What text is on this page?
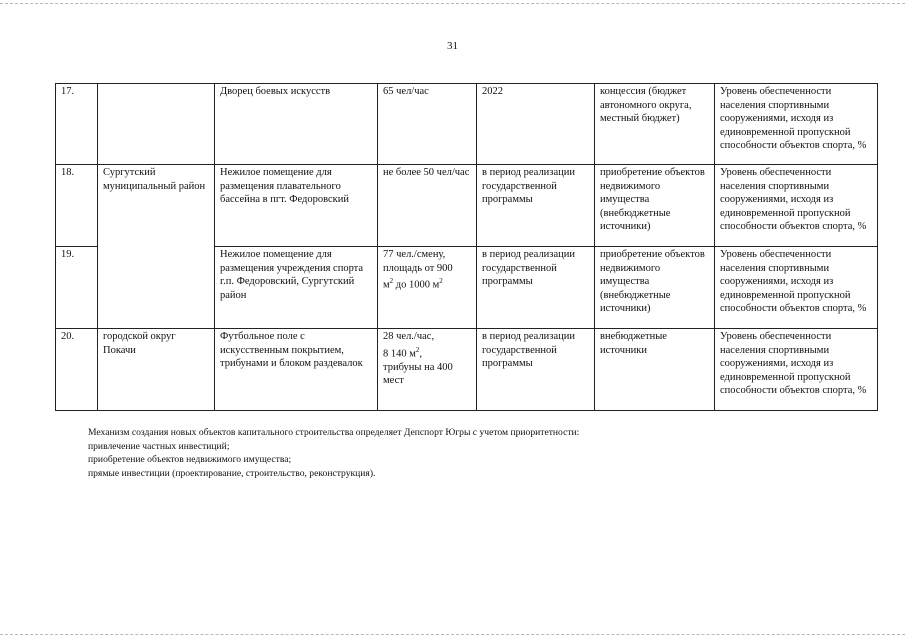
31
17.		Дворец боевых искусств	65 чел/час	2022	концессия (бюджет автономного округа, местный бюджет)	Уровень обеспеченности населения спортивными сооружениями, исходя из единовременной пропускной способности объектов спорта, %
18.	Сургутский муниципальный район	Нежилое помещение для размещения плавательного бассейна в пгт. Федоровский	не более 50 чел/час	в период реализации государственной программы	приобретение объектов недвижимого имущества (внебюджетные источники)	Уровень обеспеченности населения спортивными сооружениями, исходя из единовременной пропускной способности объектов спорта, %
19.		Нежилое помещение для размещения учреждения спорта г.п. Федоровский, Сургутский район	77 чел./смену,
площадь от 900
$м^2$ до 1000 $м^2$	в период реализации государственной программы	приобретение объектов недвижимого имущества (внебюджетные источники)	Уровень обеспеченности населения спортивными сооружениями, исходя из единовременной пропускной способности объектов спорта, %
20.	городской округ Покачи	Футбольное поле с искусственным покрытием, трибунами и блоком раздевалок	28 чел./час,
8 140 $м^2$,
трибуны на 400 мест	в период реализации государственной программы	внебюджетные источники	Уровень обеспеченности населения спортивными сооружениями, исходя из единовременной пропускной способности объектов спорта, %
Механизм создания новых объектов капитального строительства определяет Депспорт Югры с учетом приоритетности:
привлечение частных инвестиций;
приобретение объектов недвижимого имущества;
прямые инвестиции (проектирование, строительство, реконструкция).
